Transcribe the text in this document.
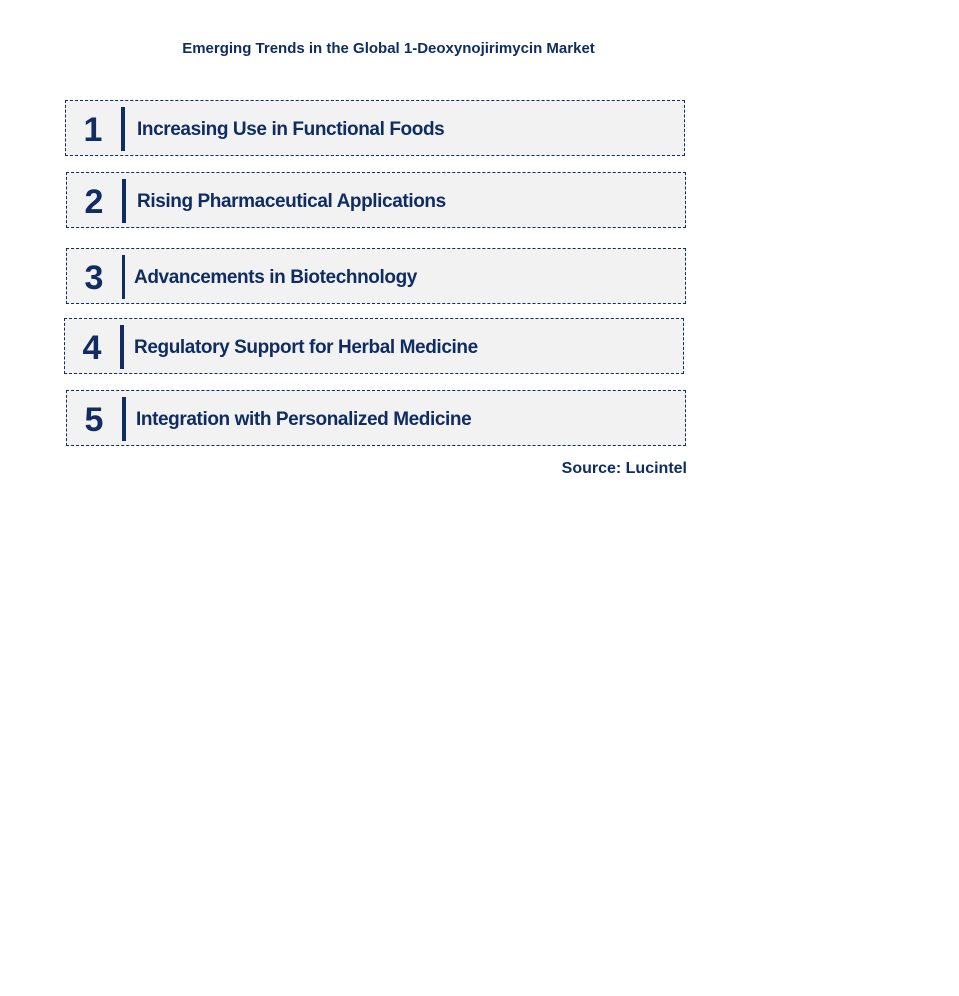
Emerging Trends in the Global 1-Deoxynojirimycin Market
1	Increasing Use in Functional Foods
2	Rising Pharmaceutical Applications
3	Advancements in Biotechnology
4	Regulatory Support for Herbal Medicine
5	Integration with Personalized Medicine
Source: Lucintel
